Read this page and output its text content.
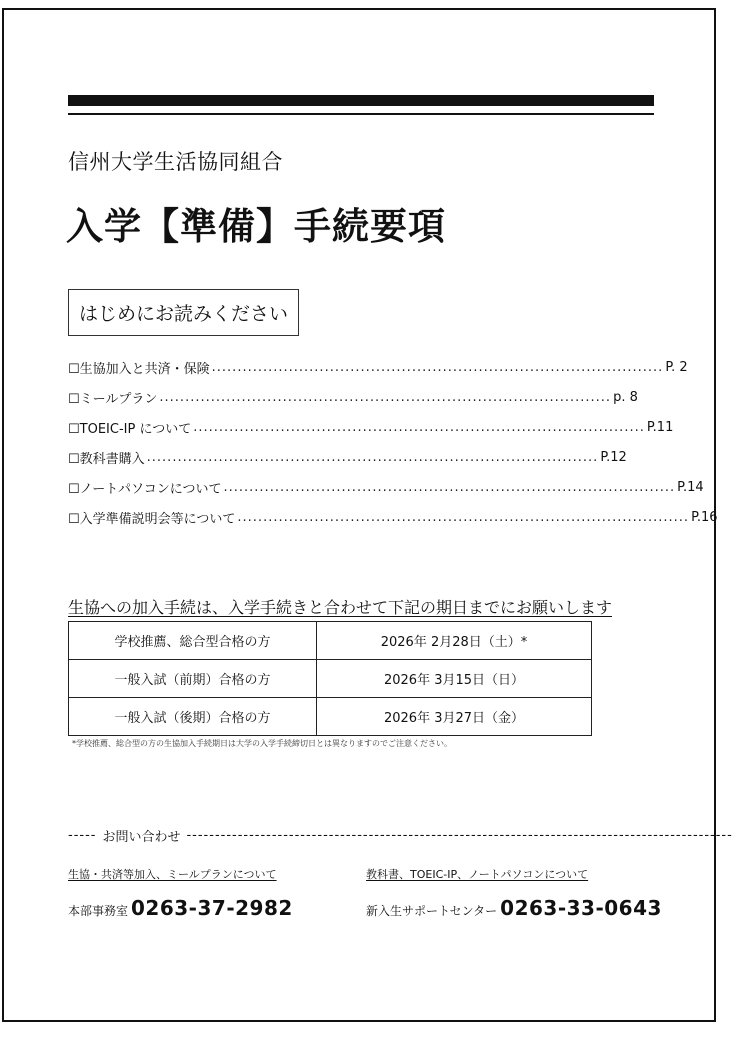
信州大学生活協同組合
入学【準備】手続要項
はじめにお読みください
☐生協加入と共済・保険 ........................................................................................ P. 2
☐ミールプラン ........................................................................................ p. 8
☐TOEIC-IP について ........................................................................................ P.11
☐教科書購入 ........................................................................................ P.12
☐ノートパソコンについて ........................................................................................ P.14
☐入学準備説明会等について ........................................................................................ P.16
生協への加入手続は、入学手続きと合わせて下記の期日までにお願いします
学校推薦、総合型合格の方	2026年 2月28日（土）*
一般入試（前期）合格の方	2026年 3月15日（日）
一般入試（後期）合格の方	2026年 3月27日（金）
*学校推薦、総合型の方の生協加入手続期日は大学の入学手続締切日とは異なりますのでご注意ください。
----- お問い合わせ ------------------------------------------------------------------------------------------------
生協・共済等加入、ミールプランについて
本部事務室 0263-37-2982
教科書、TOEIC-IP、ノートパソコンについて
新入生サポートセンター 0263-33-0643
